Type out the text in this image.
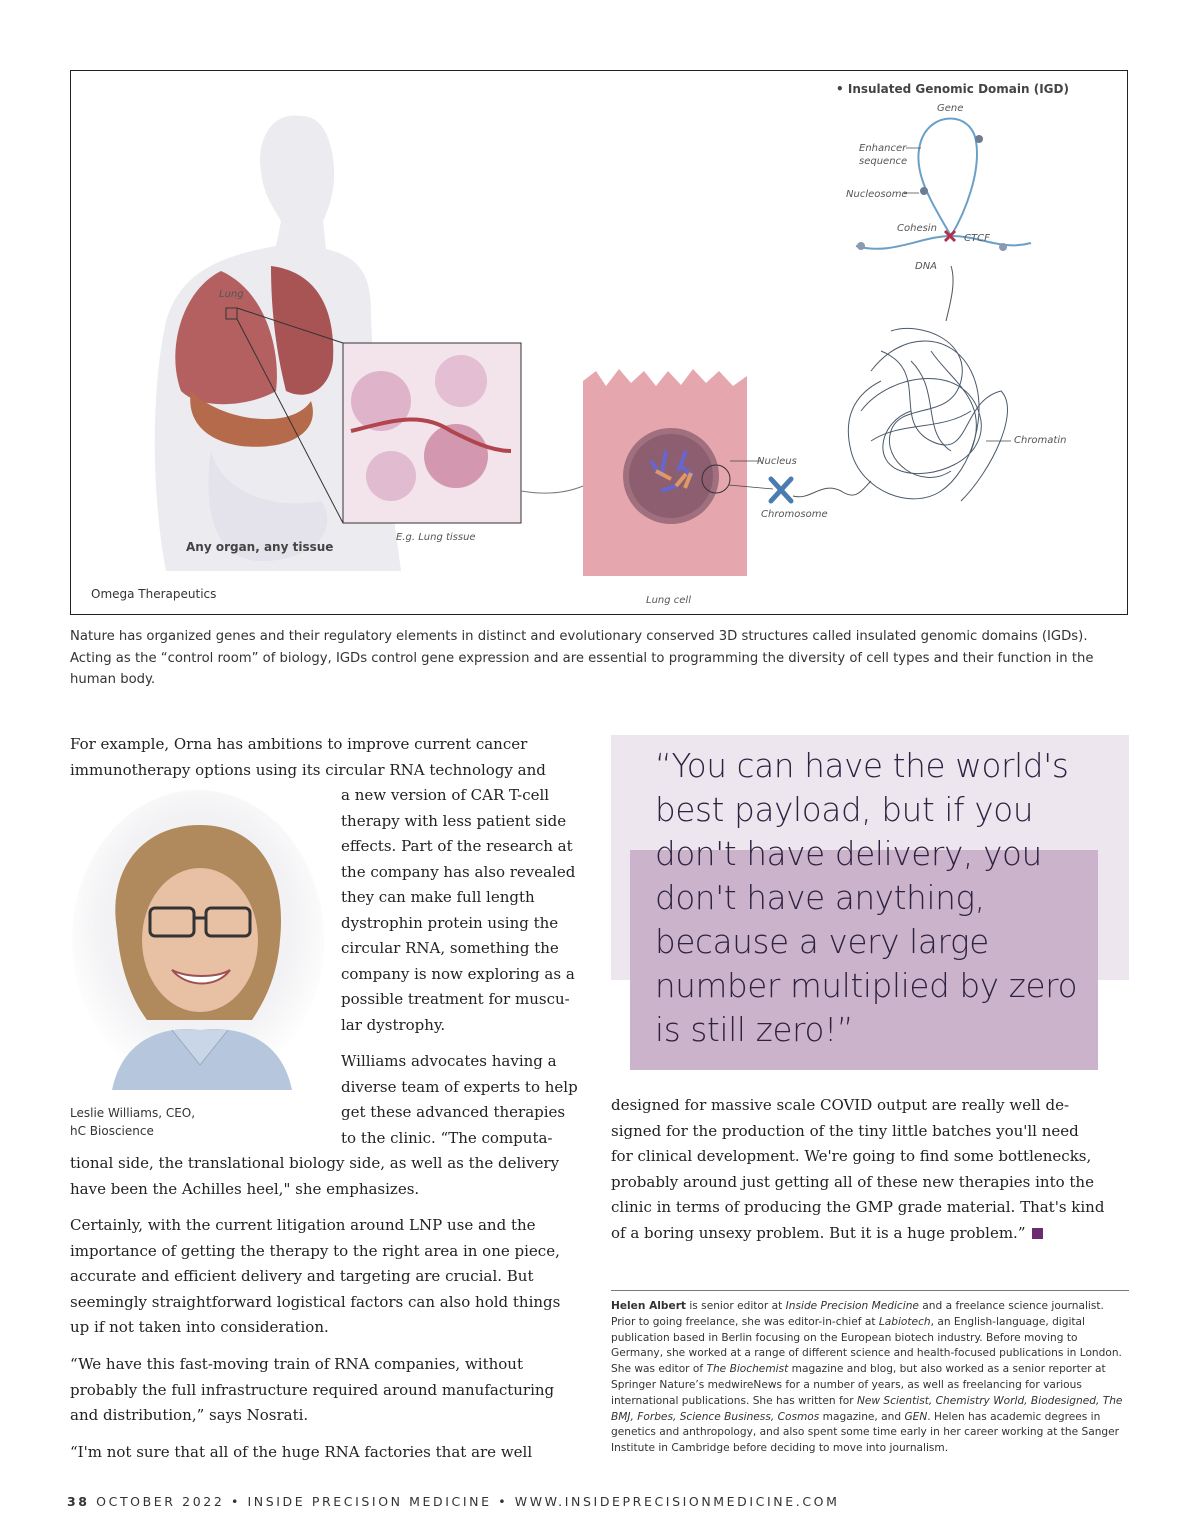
Lung
E.g. Lung tissue
Any organ, any tissue
Lung cell
Nucleus
Chromosome
Chromatin
• Insulated Genomic Domain (IGD)
Gene
Enhancer
sequence
Nucleosome
Cohesin
CTCF
DNA
Omega Therapeutics
Nature has organized genes and their regulatory elements in distinct and evolutionary conserved 3D structures called insulated genomic domains (IGDs). Acting as the “control room” of biology, IGDs control gene expression and are essential to programming the diversity of cell types and their function in the human body.

For example, Orna has ambitions to improve current cancer

immunotherapy options using its circular RNA technology and

Leslie Williams, CEO,
hC Bioscience

a new version of CAR T-cell

therapy with less patient side

effects. Part of the research at

the company has also revealed

they can make full length

dystrophin protein using the

circular RNA, something the

company is now exploring as a

possible treatment for muscu-

lar dystrophy.

Williams advocates having a

diverse team of experts to help

get these advanced therapies

to the clinic. “The computa-

tional side, the translational biology side, as well as the delivery

have been the Achilles heel," she emphasizes.

Certainly, with the current litigation around LNP use and the

importance of getting the therapy to the right area in one piece,

accurate and efficient delivery and targeting are crucial. But

seemingly straightforward logistical factors can also hold things

up if not taken into consideration.

“We have this fast-moving train of RNA companies, without

probably the full infrastructure required around manufacturing

and distribution,” says Nosrati.

“I'm not sure that all of the huge RNA factories that are well

“You can have the world's
best payload, but if you
don't have delivery, you
don't have anything,
because a very large
number multiplied by zero
is still zero!”

designed for massive scale COVID output are really well de-

signed for the production of the tiny little batches you'll need

for clinical development. We're going to find some bottlenecks,

probably around just getting all of these new therapies into the

clinic in terms of producing the GMP grade material. That's kind

of a boring unsexy problem. But it is a huge problem.”

Helen Albert is senior editor at Inside Precision Medicine and a freelance science journalist. Prior to going freelance, she was editor-in-chief at Labiotech, an English-language, digital publication based in Berlin focusing on the European biotech industry. Before moving to Germany, she worked at a range of different science and health-focused publications in London. She was editor of The Biochemist magazine and blog, but also worked as a senior reporter at Springer Nature’s medwireNews for a number of years, as well as freelancing for various international publications. She has written for New Scientist, Chemistry World, Biodesigned, The BMJ, Forbes, Science Business, Cosmos magazine, and GEN. Helen has academic degrees in genetics and anthropology, and also spent some time early in her career working at the Sanger Institute in Cambridge before deciding to move into journalism.
38 OCTOBER 2022 • INSIDE PRECISION MEDICINE • WWW.INSIDEPRECISIONMEDICINE.COM
